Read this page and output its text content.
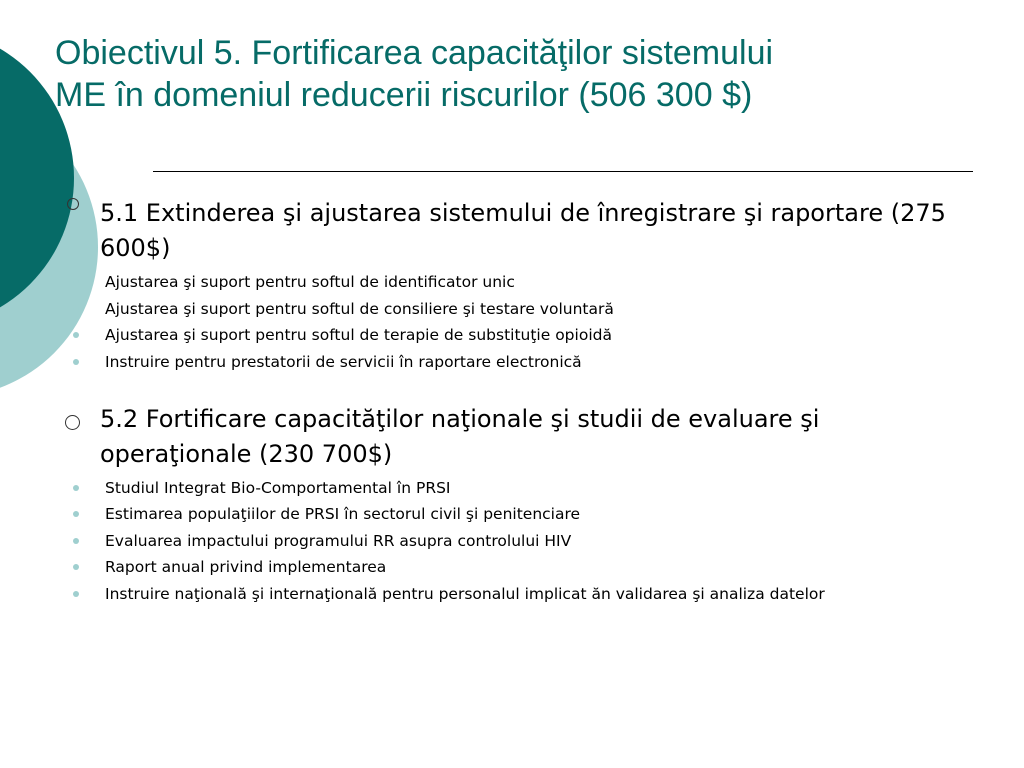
Obiectivul 5. Fortificarea capacităţilor sistemului
ME în domeniul reducerii riscurilor (506 300 $)
5.1 Extinderea şi ajustarea sistemului de înregistrare şi raportare (275 600$)
Ajustarea şi suport pentru softul de identificator unic
Ajustarea şi suport pentru softul de consiliere şi testare voluntară
Ajustarea şi suport pentru softul de terapie de substituţie opioidă
Instruire pentru prestatorii de servicii în raportare electronică
5.2 Fortificare capacităţilor naţionale şi studii de evaluare şi operaţionale (230 700$)
Studiul Integrat Bio-Comportamental în PRSI
Estimarea populaţiilor de PRSI în sectorul civil şi penitenciare
Evaluarea impactului programului RR asupra controlului HIV
Raport anual privind implementarea
Instruire naţională şi internaţională pentru personalul implicat ăn validarea şi analiza datelor
